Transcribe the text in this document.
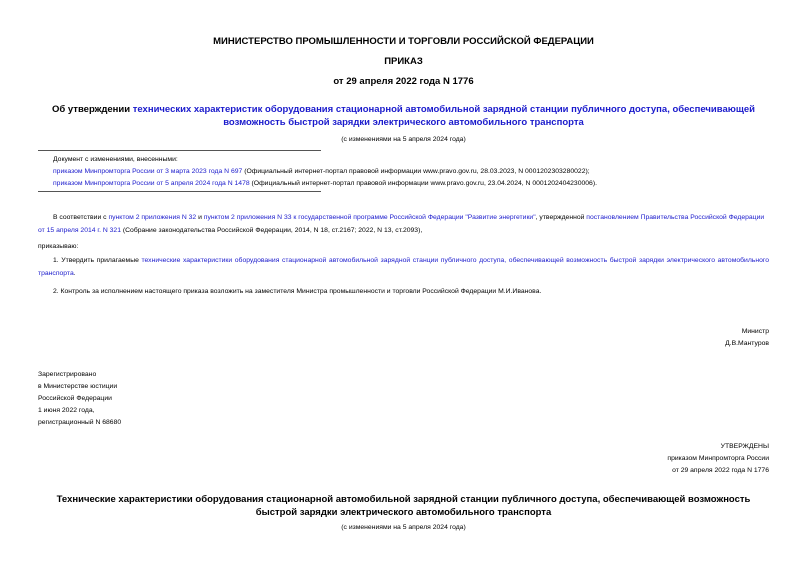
МИНИСТЕРСТВО ПРОМЫШЛЕННОСТИ И ТОРГОВЛИ РОССИЙСКОЙ ФЕДЕРАЦИИ
ПРИКАЗ
от 29 апреля 2022 года N 1776
Об утверждении технических характеристик оборудования стационарной автомобильной зарядной станции публичного доступа, обеспечивающей возможность быстрой зарядки электрического автомобильного транспорта
(с изменениями на 5 апреля 2024 года)

Документ с изменениями, внесенными:

приказом Минпромторга России от 3 марта 2023 года N 697 (Официальный интернет-портал правовой информации www.pravo.gov.ru, 28.03.2023, N 0001202303280022);

приказом Минпромторга России от 5 апреля 2024 года N 1478 (Официальный интернет-портал правовой информации www.pravo.gov.ru, 23.04.2024, N 0001202404230006).

В соответствии с пунктом 2 приложения N 32 и пунктом 2 приложения N 33 к государственной программе Российской Федерации "Развитие энергетики", утвержденной постановлением Правительства Российской Федерации от 15 апреля 2014 г. N 321 (Собрание законодательства Российской Федерации, 2014, N 18, ст.2167; 2022, N 13, ст.2093),
приказываю:
1. Утвердить прилагаемые технические характеристики оборудования стационарной автомобильной зарядной станции публичного доступа, обеспечивающей возможность быстрой зарядки электрического автомобильного транспорта.
2. Контроль за исполнением настоящего приказа возложить на заместителя Министра промышленности и торговли Российской Федерации М.И.Иванова.
Министр
Д.В.Мантуров

Зарегистрировано

в Министерстве юстиции

Российской Федерации

1 июня 2022 года,

регистрационный N 68680

УТВЕРЖДЕНЫ

приказом Минпромторга России

от 29 апреля 2022 года N 1776

Технические характеристики оборудования стационарной автомобильной зарядной станции публичного доступа, обеспечивающей возможность быстрой зарядки электрического автомобильного транспорта
(с изменениями на 5 апреля 2024 года)
